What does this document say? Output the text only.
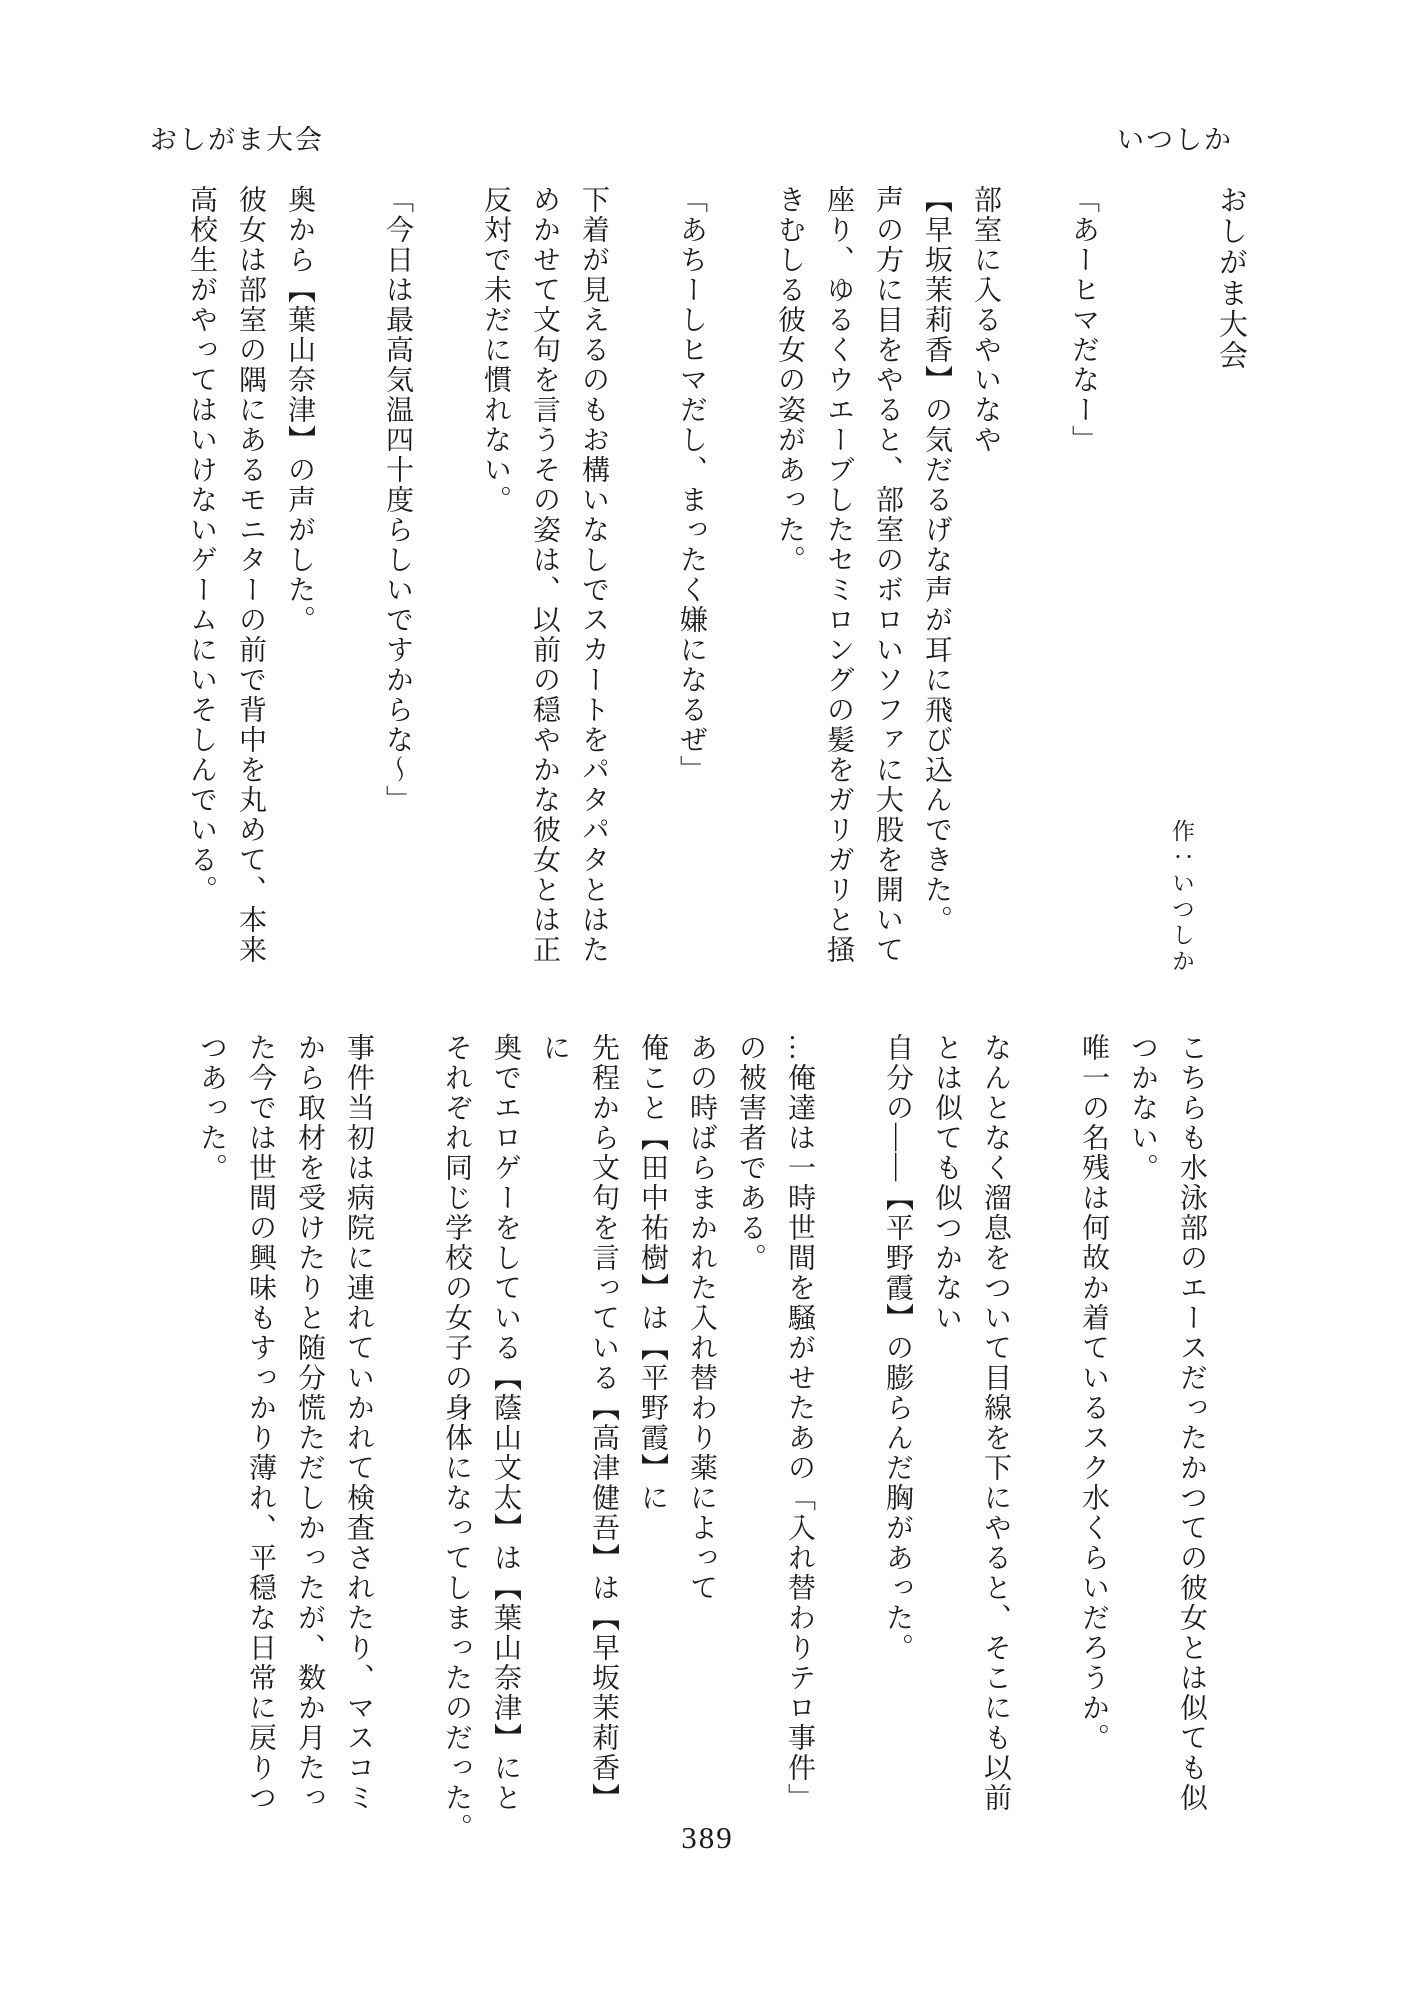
おしがま大会	いつしか
おしがま大会
作：いつしか

「あーヒマだなー」

部室に入るやいなや
【早坂茉莉香】の気だるげな声が耳に飛び込んできた。
声の方に目をやると、部室のボロいソファに大股を開いて
座り、ゆるくウエーブしたセミロングの髪をガリガリと掻
きむしる彼女の姿があった。

「あちーしヒマだし、まったく嫌になるぜ」

下着が見えるのもお構いなしでスカートをパタパタとはた
めかせて文句を言うその姿は、以前の穏やかな彼女とは正
反対で未だに慣れない。

「今日は最高気温四十度らしいですからな〜」

奥から【葉山奈津】の声がした。
彼女は部室の隅にあるモニターの前で背中を丸めて、本来
高校生がやってはいけないゲームにいそしんでいる。
こちらも水泳部のエースだったかつての彼女とは似ても似
つかない。
唯一の名残は何故か着ているスク水くらいだろうか。

なんとなく溜息をついて目線を下にやると、そこにも以前
とは似ても似つかない
自分の――【平野霞】の膨らんだ胸があった。

…俺達は一時世間を騒がせたあの「入れ替わりテロ事件」
の被害者である。
あの時ばらまかれた入れ替わり薬によって
俺こと【田中祐樹】は【平野霞】に
先程から文句を言っている【高津健吾】は【早坂茉莉香】
に
奥でエロゲーをしている【蔭山文太】は【葉山奈津】にと
それぞれ同じ学校の女子の身体になってしまったのだった。

事件当初は病院に連れていかれて検査されたり、マスコミ
から取材を受けたりと随分慌ただしかったが、数か月たっ
た今では世間の興味もすっかり薄れ、平穏な日常に戻りつ
つあった。
389
